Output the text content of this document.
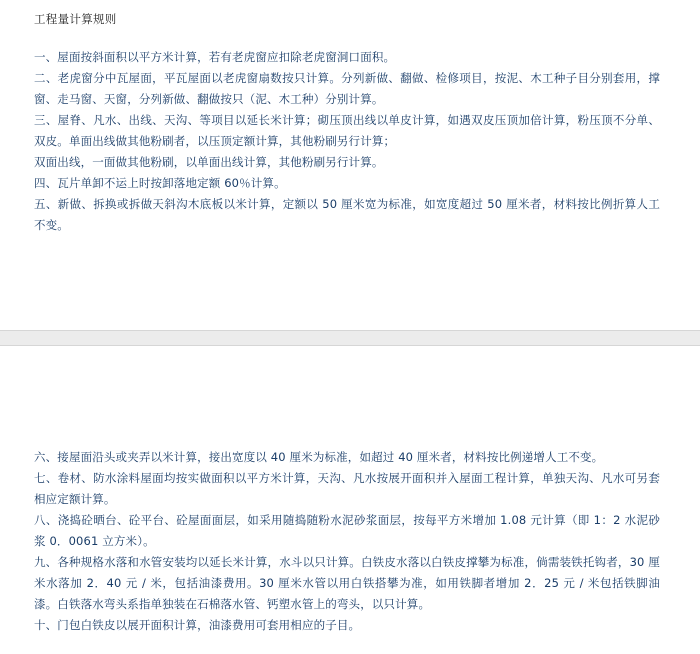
工程量计算规则

一、屋面按斜面积以平方米计算，若有老虎窗应扣除老虎窗洞口面积。

二、老虎窗分中瓦屋面，平瓦屋面以老虎窗扇数按只计算。分列新做、翻做、检修项目，按泥、木工种子目分别套用，撑窗、走马窗、天窗，分列新做、翻做按只（泥、木工种）分别计算。

三、屋脊、凡水、出线、天沟、等项目以延长米计算；砌压顶出线以单皮计算，如遇双皮压顶加倍计算，粉压顶不分单、双皮。单面出线做其他粉刷者，以压顶定额计算，其他粉刷另行计算；

双面出线，一面做其他粉刷，以单面出线计算，其他粉刷另行计算。

四、瓦片单卸不运上时按卸落地定额 60％计算。

五、新做、拆换或拆做天斜沟木底板以米计算，定额以 50 厘米宽为标准，如宽度超过 50 厘米者，材料按比例折算人工不变。

六、接屋面沿头或夹弄以米计算，接出宽度以 40 厘米为标准，如超过 40 厘米者，材料按比例递增人工不变。

七、卷材、防水涂料屋面均按实做面积以平方米计算，天沟、凡水按展开面积并入屋面工程计算，单独天沟、凡水可另套相应定额计算。

八、浇捣砼晒台、砼平台、砼屋面面层，如采用随捣随粉水泥砂浆面层，按每平方米增加 1.08 元计算（即 1：2 水泥砂浆 0．0061 立方米）。

九、各种规格水落和水管安装均以延长米计算，水斗以只计算。白铁皮水落以白铁皮撑攀为标准，倘需装铁托钩者，30 厘米水落加 2．40 元 / 米，包括油漆费用。30 厘米水管以用白铁搭攀为准，如用铁脚者增加 2．25 元 / 米包括铁脚油漆。白铁落水弯头系指单独装在石棉落水管、钙塑水管上的弯头，以只计算。

十、门包白铁皮以展开面积计算，油漆费用可套用相应的子目。
